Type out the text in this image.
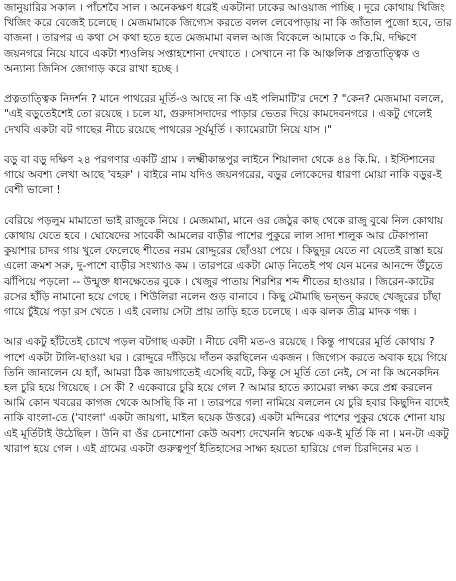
জানুয়ারির সকাল । পাঁচশবৈ সাল । অনেকক্ষণ ধরেই একটানা ঢাকের আওয়াজ পাচ্ছি । দূরে কোথায় খিজিং খিজিং করে বেজেই চলেছে । মেজমামাকে জিগ্যেস করতে বলল লেবেপাড়ায় না কি জাঁতাল পুজো হবে, তার বাজনা । তারপর এ কথা সে কথা হতে হতে মেজমামা বলল আজ বিকেলে আমাকে ৩ কি.মি. দক্ষিণে জয়নগরে নিয়ে যাবে একটা শ্যওলিয় সপ্তাহশোনা দেখাতে । সেখানে না কি আঞ্চলিক প্রত্নতাত্ত্বিক ও অন্যান্য জিনিস জোগাড় করে রাখা হচ্ছে ।

প্রত্নতাত্ত্বিক নিদর্শন ? মানে পাথরের মূর্তি-ও আছে না কি এই পলিমাটি'র দেশে ? "কেন? মেজমামা বললে, "এই বড়ুতেইশেই তো রয়েছে । চলে যা, গুরুদাসদাদের পাড়ার ভেতর দিয়ে কামদেবনগরে । একটু গেলেই দেখবি একটা বট গাছের নীচে রয়েছে পাথরের সূর্যমূর্তি । ক্যামেরাটা নিয়ে যাস ।"

বড়ু বা বড়ু দক্ষিণ ২৪ পরগণার একটি গ্রাম । লক্ষ্মীকান্তপুর লাইনে শিয়ালদা থেকে ৪৪ কি.মি. । ইস্টিশানের গায়ে অবশ্য লেখা আছে 'বহরু' । বাইরে নাম যদিও জয়নগরের, বড়ুর লোকেদের ধারণা মোয়া নাকি বড়ুর-ই বেশী ভালো !

বেরিয়ে পড়লুম মামাতো ভাই রাজুকে নিয়ে । মেজমামা, মানে ওর জেঠুর কাছ থেকে রাজু বুঝে নিল কোথায় কোথায় যেতে হবে । ঘোষেদের সাবেকী আমলের বাড়ীর পাশের পুকুরে লাল সাদা শালুক আর টেকাপানা কুয়াশার চাদর গায় খুলে ফেলেছে শীতের নরম রোদ্দুরের ছোঁওয়া পেয়ে । কিছুদূর যেতে না যেতেই রাস্তা হয়ে এলো ক্রমশ সরু, দু-পাশে বাড়ীর সংখ্যাও কম । তারপরে একটা মোড় নিতেই পথ যেন মনের আনন্দে উঁচুতে ঝাঁপিয়ে পড়লো -- উন্মুক্ত ধানক্ষেতের বুকে । খেজুর পাতায় শিরশির শব্দ শীতের হাওয়ার । জিরেন-কাটের রসের হাঁড়ি নামানো হয়ে গেছে । শিউলিরা নলেন গুড় বানাবে । কিছু মৌমাছি ভন্ভন্ করছে খেজুরের চাঁছা গায়ে চুঁইয়ে পড়া রস খেতে । এই বেলায় সেটা প্রায় তাড়ি হতে চলেছে । এক ঝলক তীব্র মাদক গন্ধ ।

আর একটু হাঁটতেই চোখে পড়ল বটগাছ একটা । নীচে বেদী মত-ও রয়েছে । কিন্তু পাথরের মূর্তি কোথায় ? পাশে একটা টালি-ছাওয়া ঘর । রোদ্দুরে দাঁড়িয়ে দাঁতন করছিলেন একজন । জিগ্যেস করতে অবাক হয়ে গিয়ে তিনি জানালেন যে হ্যাঁ, আমরা ঠিক জায়গাতেই এসেছি বটে, কিন্তু সে মূর্তি তো নেই, সে না কি অনেকদিন হল চুরি হয়ে গিয়েছে । সে কী ? একেবারে চুরি হয়ে গেল ? আমার হাতে ক্যামেরা লক্ষ্য করে প্রশ্ন করলেন আমি কোন খবরের কাগজ থেকে আসছি কি না । তারপরে গলা নামিয়ে বললেন যে চুরি হবার কিছুদিন বাদেই নাকি বাংলা-তে ('বাংলা' একটা জায়গা, মাইল ছয়েক উত্তরে) একটা মন্দিরের পাশের পুকুর থেকে শোনা যায় এই মূর্তিটাই উঠেছিল । উনি বা ওঁর চেনাশোনা কেউ অবশ্য দেখেননি স্বচক্ষে এক-ই মূর্তি কি না । মন-টা একটু খারাপ হয়ে গেল । এই গ্রামের একটা গুরুত্বপূর্ণ ইতিহাসের সাক্ষ্য হয়তো হারিয়ে গেল চিরদিনের মত ।
